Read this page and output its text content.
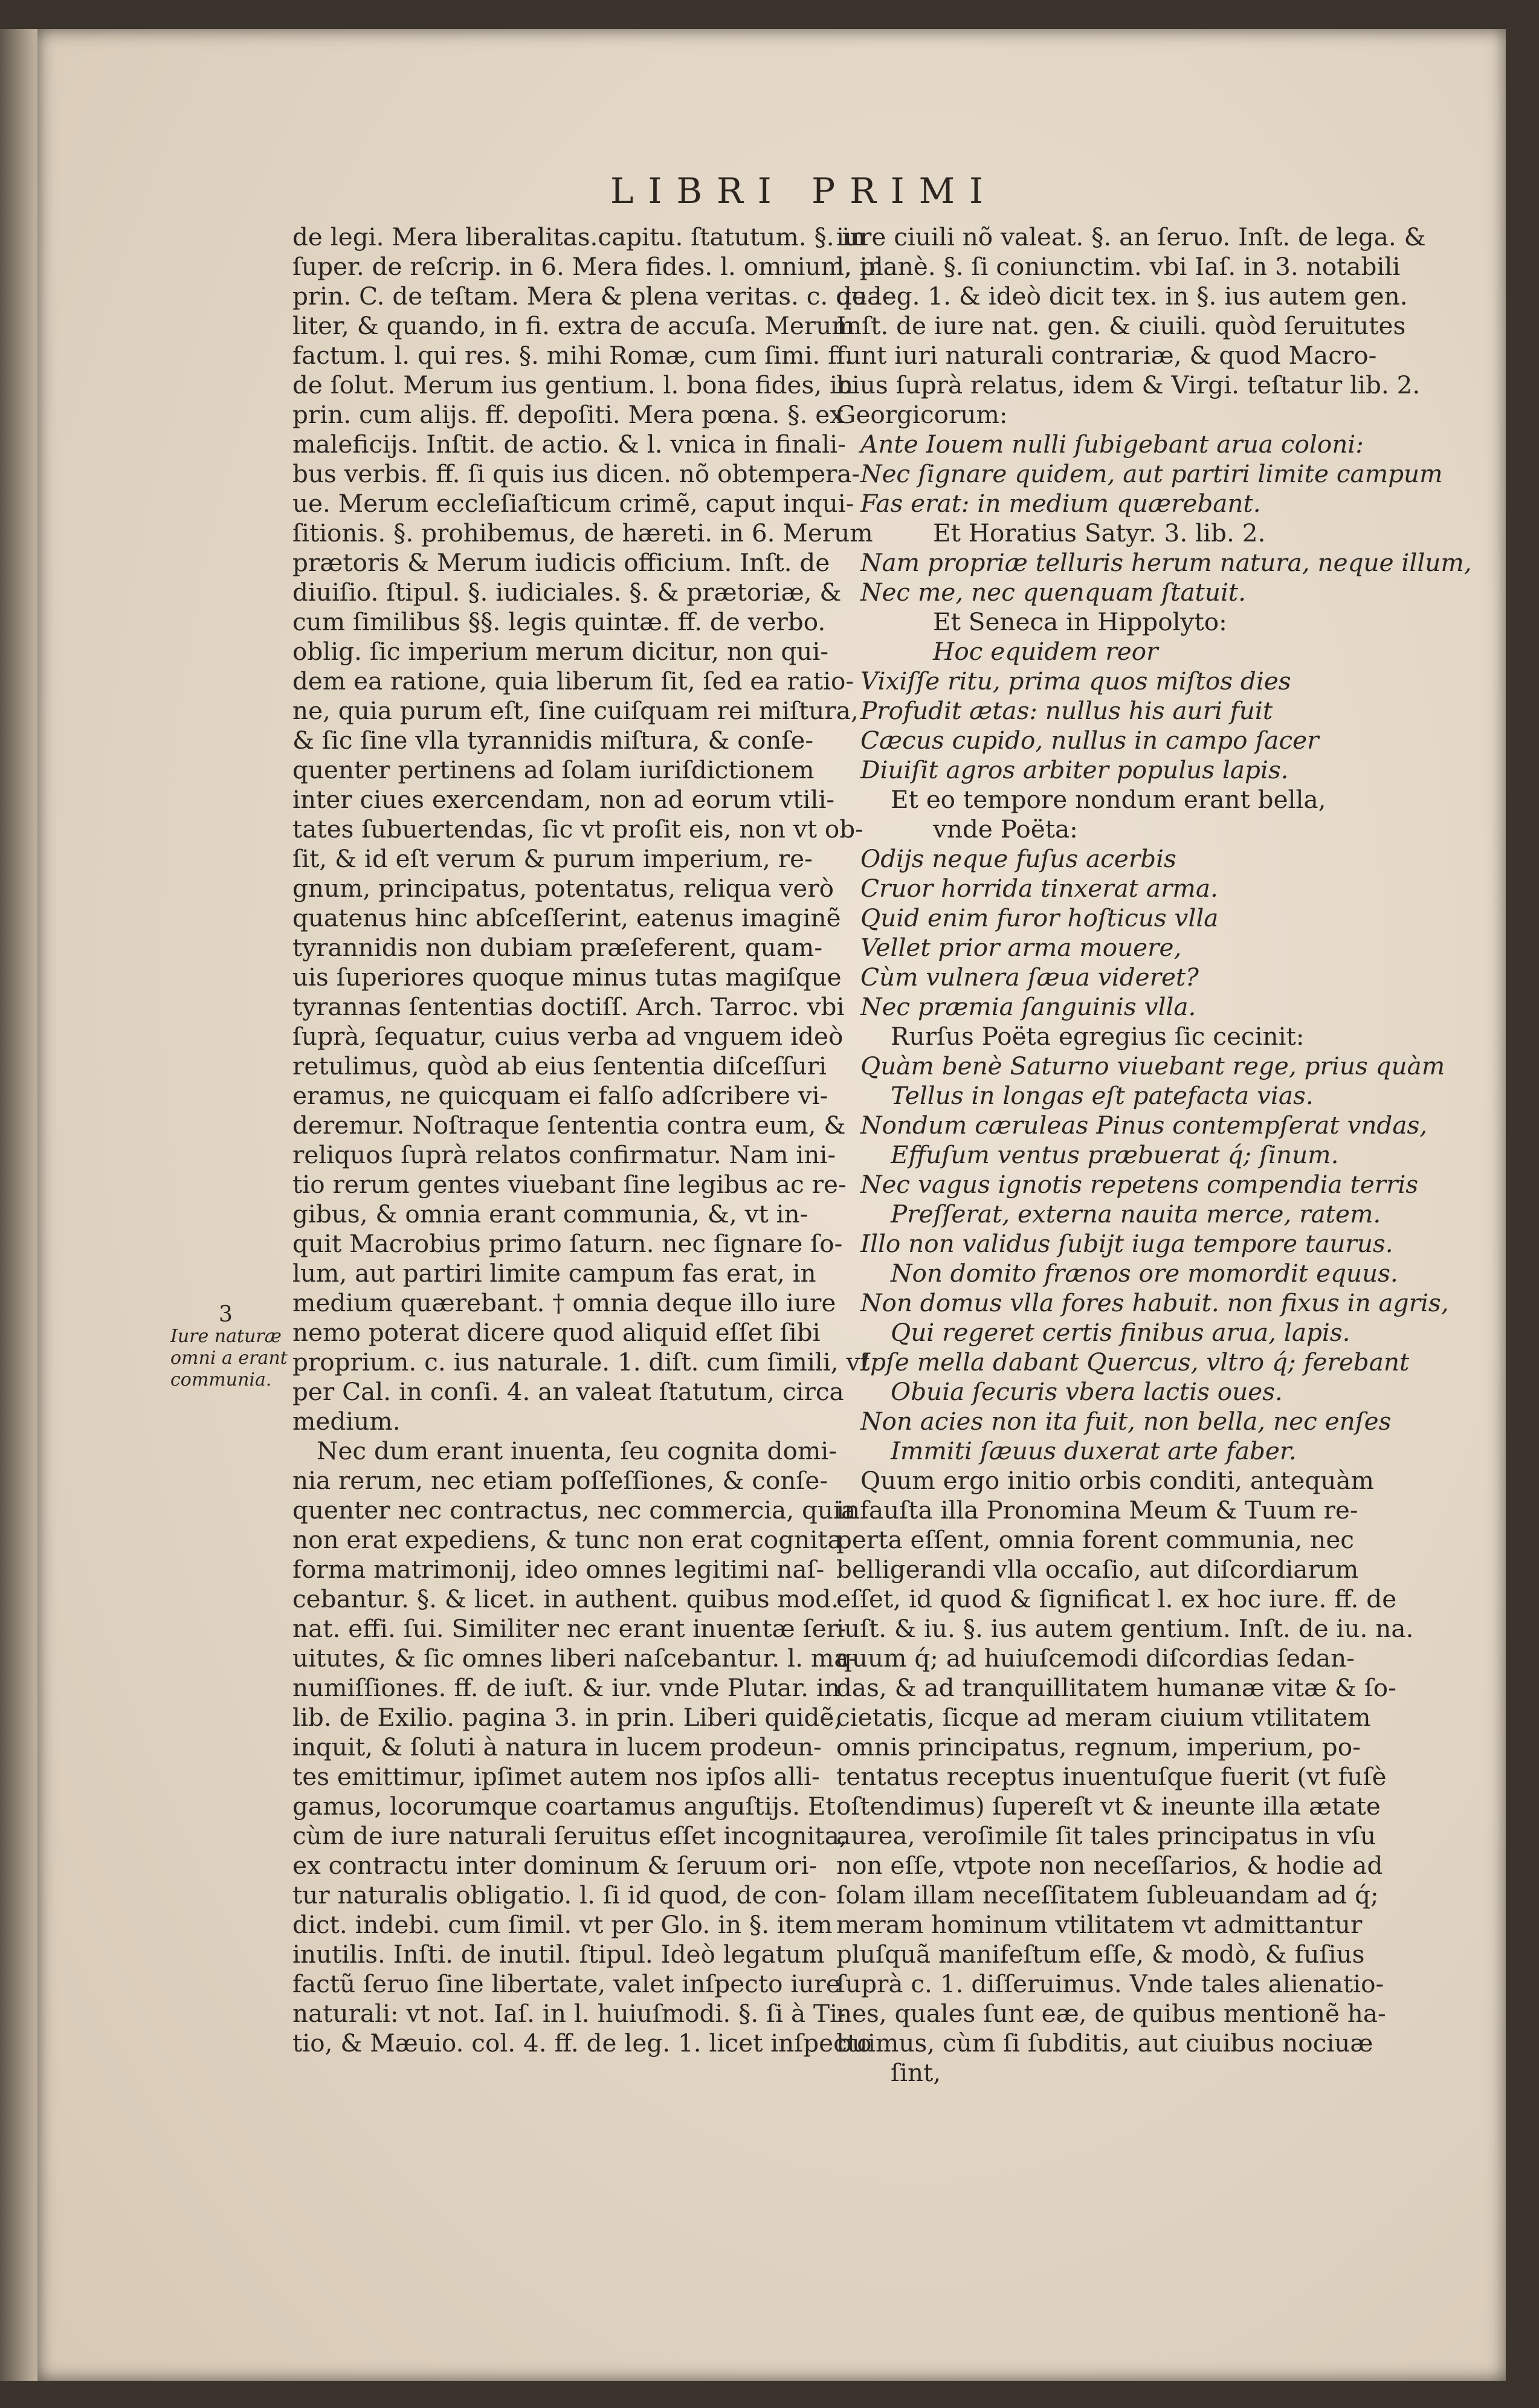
LIBRI PRIMI
3
Iure naturæ
omni a erant
communia.
de legi. Mera liberalitas.capitu. ſtatutum. §. in
ſuper. de reſcrip. in 6. Mera fides. l. omnium, in
prin. C. de teſtam. Mera & plena veritas. c. qua-
liter, & quando, in fi. extra de accuſa. Merum
factum. l. qui res. §. mihi Romæ, cum ſimi. ff.
de ſolut. Merum ius gentium. l. bona fides, in
prin. cum alijs. ff. depoſiti. Mera pœna. §. ex
maleficijs. Inſtit. de actio. & l. vnica in finali-
bus verbis. ff. ſi quis ius dicen. nõ obtempera-
ue. Merum eccleſiaſticum crimẽ, caput inqui-
ſitionis. §. prohibemus, de hæreti. in 6. Merum
prætoris & Merum iudicis officium. Inſt. de
diuiſio. ſtipul. §. iudiciales. §. & prætoriæ, &
cum ſimilibus §§. legis quintæ. ff. de verbo.
oblig. ſic imperium merum dicitur, non qui-
dem ea ratione, quia liberum ſit, ſed ea ratio-
ne, quia purum eſt, ſine cuiſquam rei miſtura,
& ſic ſine vlla tyrannidis miſtura, & conſe-
quenter pertinens ad ſolam iuriſdictionem
inter ciues exercendam, non ad eorum vtili-
tates ſubuertendas, ſic vt proſit eis, non vt ob-
ſit, & id eſt verum & purum imperium, re-
gnum, principatus, potentatus, reliqua verò
quatenus hinc abſceſſerint, eatenus imaginẽ
tyrannidis non dubiam præſeferent, quam-
uis ſuperiores quoque minus tutas magiſque
tyrannas ſententias doctiſſ. Arch. Tarroc. vbi
ſuprà, ſequatur, cuius verba ad vnguem ideò
retulimus, quòd ab eius ſententia diſceſſuri
eramus, ne quicquam ei falſo adſcribere vi-
deremur. Noſtraque ſententia contra eum, &
reliquos ſuprà relatos confirmatur. Nam ini-
tio rerum gentes viuebant ſine legibus ac re-
gibus, & omnia erant communia, &, vt in-
quit Macrobius primo ſaturn. nec ſignare ſo-
lum, aut partiri limite campum fas erat, in
medium quærebant. † omnia deque illo iure
nemo poterat dicere quod aliquid eſſet ſibi
proprium. c. ius naturale. 1. diſt. cum ſimili, vt
per Cal. in conſi. 4. an valeat ſtatutum, circa
medium.
Nec dum erant inuenta, ſeu cognita domi-
nia rerum, nec etiam poſſeſſiones, & conſe-
quenter nec contractus, nec commercia, quia
non erat expediens, & tunc non erat cognita
forma matrimonij, ideo omnes legitimi naſ-
cebantur. §. & licet. in authent. quibus mod.
nat. effi. ſui. Similiter nec erant inuentæ ſer-
uitutes, & ſic omnes liberi naſcebantur. l. ma-
numiſſiones. ff. de iuſt. & iur. vnde Plutar. in
lib. de Exilio. pagina 3. in prin. Liberi quidẽ,
inquit, & ſoluti à natura in lucem prodeun-
tes emittimur, ipſimet autem nos ipſos alli-
gamus, locorumque coartamus anguſtijs. Et
cùm de iure naturali ſeruitus eſſet incognita,
ex contractu inter dominum & ſeruum ori-
tur naturalis obligatio. l. ſi id quod, de con-
dict. indebi. cum ſimil. vt per Glo. in §. item
inutilis. Inſti. de inutil. ſtipul. Ideò legatum
factũ ſeruo ſine libertate, valet inſpecto iure
naturali: vt not. Iaſ. in l. huiuſmodi. §. ſi à Ti-
tio, & Mæuio. col. 4. ff. de leg. 1. licet inſpecto
iure ciuili nõ valeat. §. an ſeruo. Inſt. de lega. &
l. planè. §. ſi coniunctim. vbi Iaſ. in 3. notabili
de leg. 1. & ideò dicit tex. in §. ius autem gen.
Inſt. de iure nat. gen. & ciuili. quòd ſeruitutes
ſunt iuri naturali contrariæ, & quod Macro-
bius ſuprà relatus, idem & Virgi. teſtatur lib. 2.
Georgicorum:
Ante Iouem nulli ſubigebant arua coloni:
Nec ſignare quidem, aut partiri limite campum
Fas erat: in medium quærebant.
Et Horatius Satyr. 3. lib. 2.
Nam propriæ telluris herum natura, neque illum,
Nec me, nec quenquam ſtatuit.
Et Seneca in Hippolyto:
Hoc equidem reor
Vixiſſe ritu, prima quos miſtos dies
Profudit ætas: nullus his auri fuit
Cæcus cupido, nullus in campo ſacer
Diuiſit agros arbiter populus lapis.
Et eo tempore nondum erant bella,
vnde Poëta:
Odijs neque fuſus acerbis
Cruor horrida tinxerat arma.
Quid enim furor hoſticus vlla
Vellet prior arma mouere,
Cùm vulnera ſæua videret?
Nec præmia ſanguinis vlla.
Rurſus Poëta egregius ſic cecinit:
Quàm benè Saturno viuebant rege, prius quàm
Tellus in longas eſt patefacta vias.
Nondum cæruleas Pinus contempſerat vndas,
Effuſum ventus præbuerat q́; ſinum.
Nec vagus ignotis repetens compendia terris
Preſſerat, externa nauita merce, ratem.
Illo non validus ſubijt iuga tempore taurus.
Non domito frænos ore momordit equus.
Non domus vlla fores habuit. non fixus in agris,
Qui regeret certis finibus arua, lapis.
Ipſe mella dabant Quercus, vltro q́; ferebant
Obuia ſecuris vbera lactis oues.
Non acies non ita fuit, non bella, nec enſes
Immiti ſæuus duxerat arte faber.
Quum ergo initio orbis conditi, antequàm
infauſta illa Pronomina Meum & Tuum re-
perta eſſent, omnia forent communia, nec
belligerandi vlla occaſio, aut diſcordiarum
eſſet, id quod & ſignificat l. ex hoc iure. ff. de
iuſt. & iu. §. ius autem gentium. Inſt. de iu. na.
quum q́; ad huiuſcemodi diſcordias ſedan-
das, & ad tranquillitatem humanæ vitæ & ſo-
cietatis, ſicque ad meram ciuium vtilitatem
omnis principatus, regnum, imperium, po-
tentatus receptus inuentuſque fuerit (vt fuſè
oſtendimus) ſupereſt vt & ineunte illa ætate
aurea, veroſimile ſit tales principatus in vſu
non eſſe, vtpote non neceſſarios, & hodie ad
ſolam illam neceſſitatem ſubleuandam ad q́;
meram hominum vtilitatem vt admittantur
pluſquã manifeſtum eſſe, & modò, & fuſius
ſuprà c. 1. diſſeruimus. Vnde tales alienatio-
nes, quales ſunt eæ, de quibus mentionẽ ha-
buimus, cùm ſi ſubditis, aut ciuibus nociuæ
ſint,
